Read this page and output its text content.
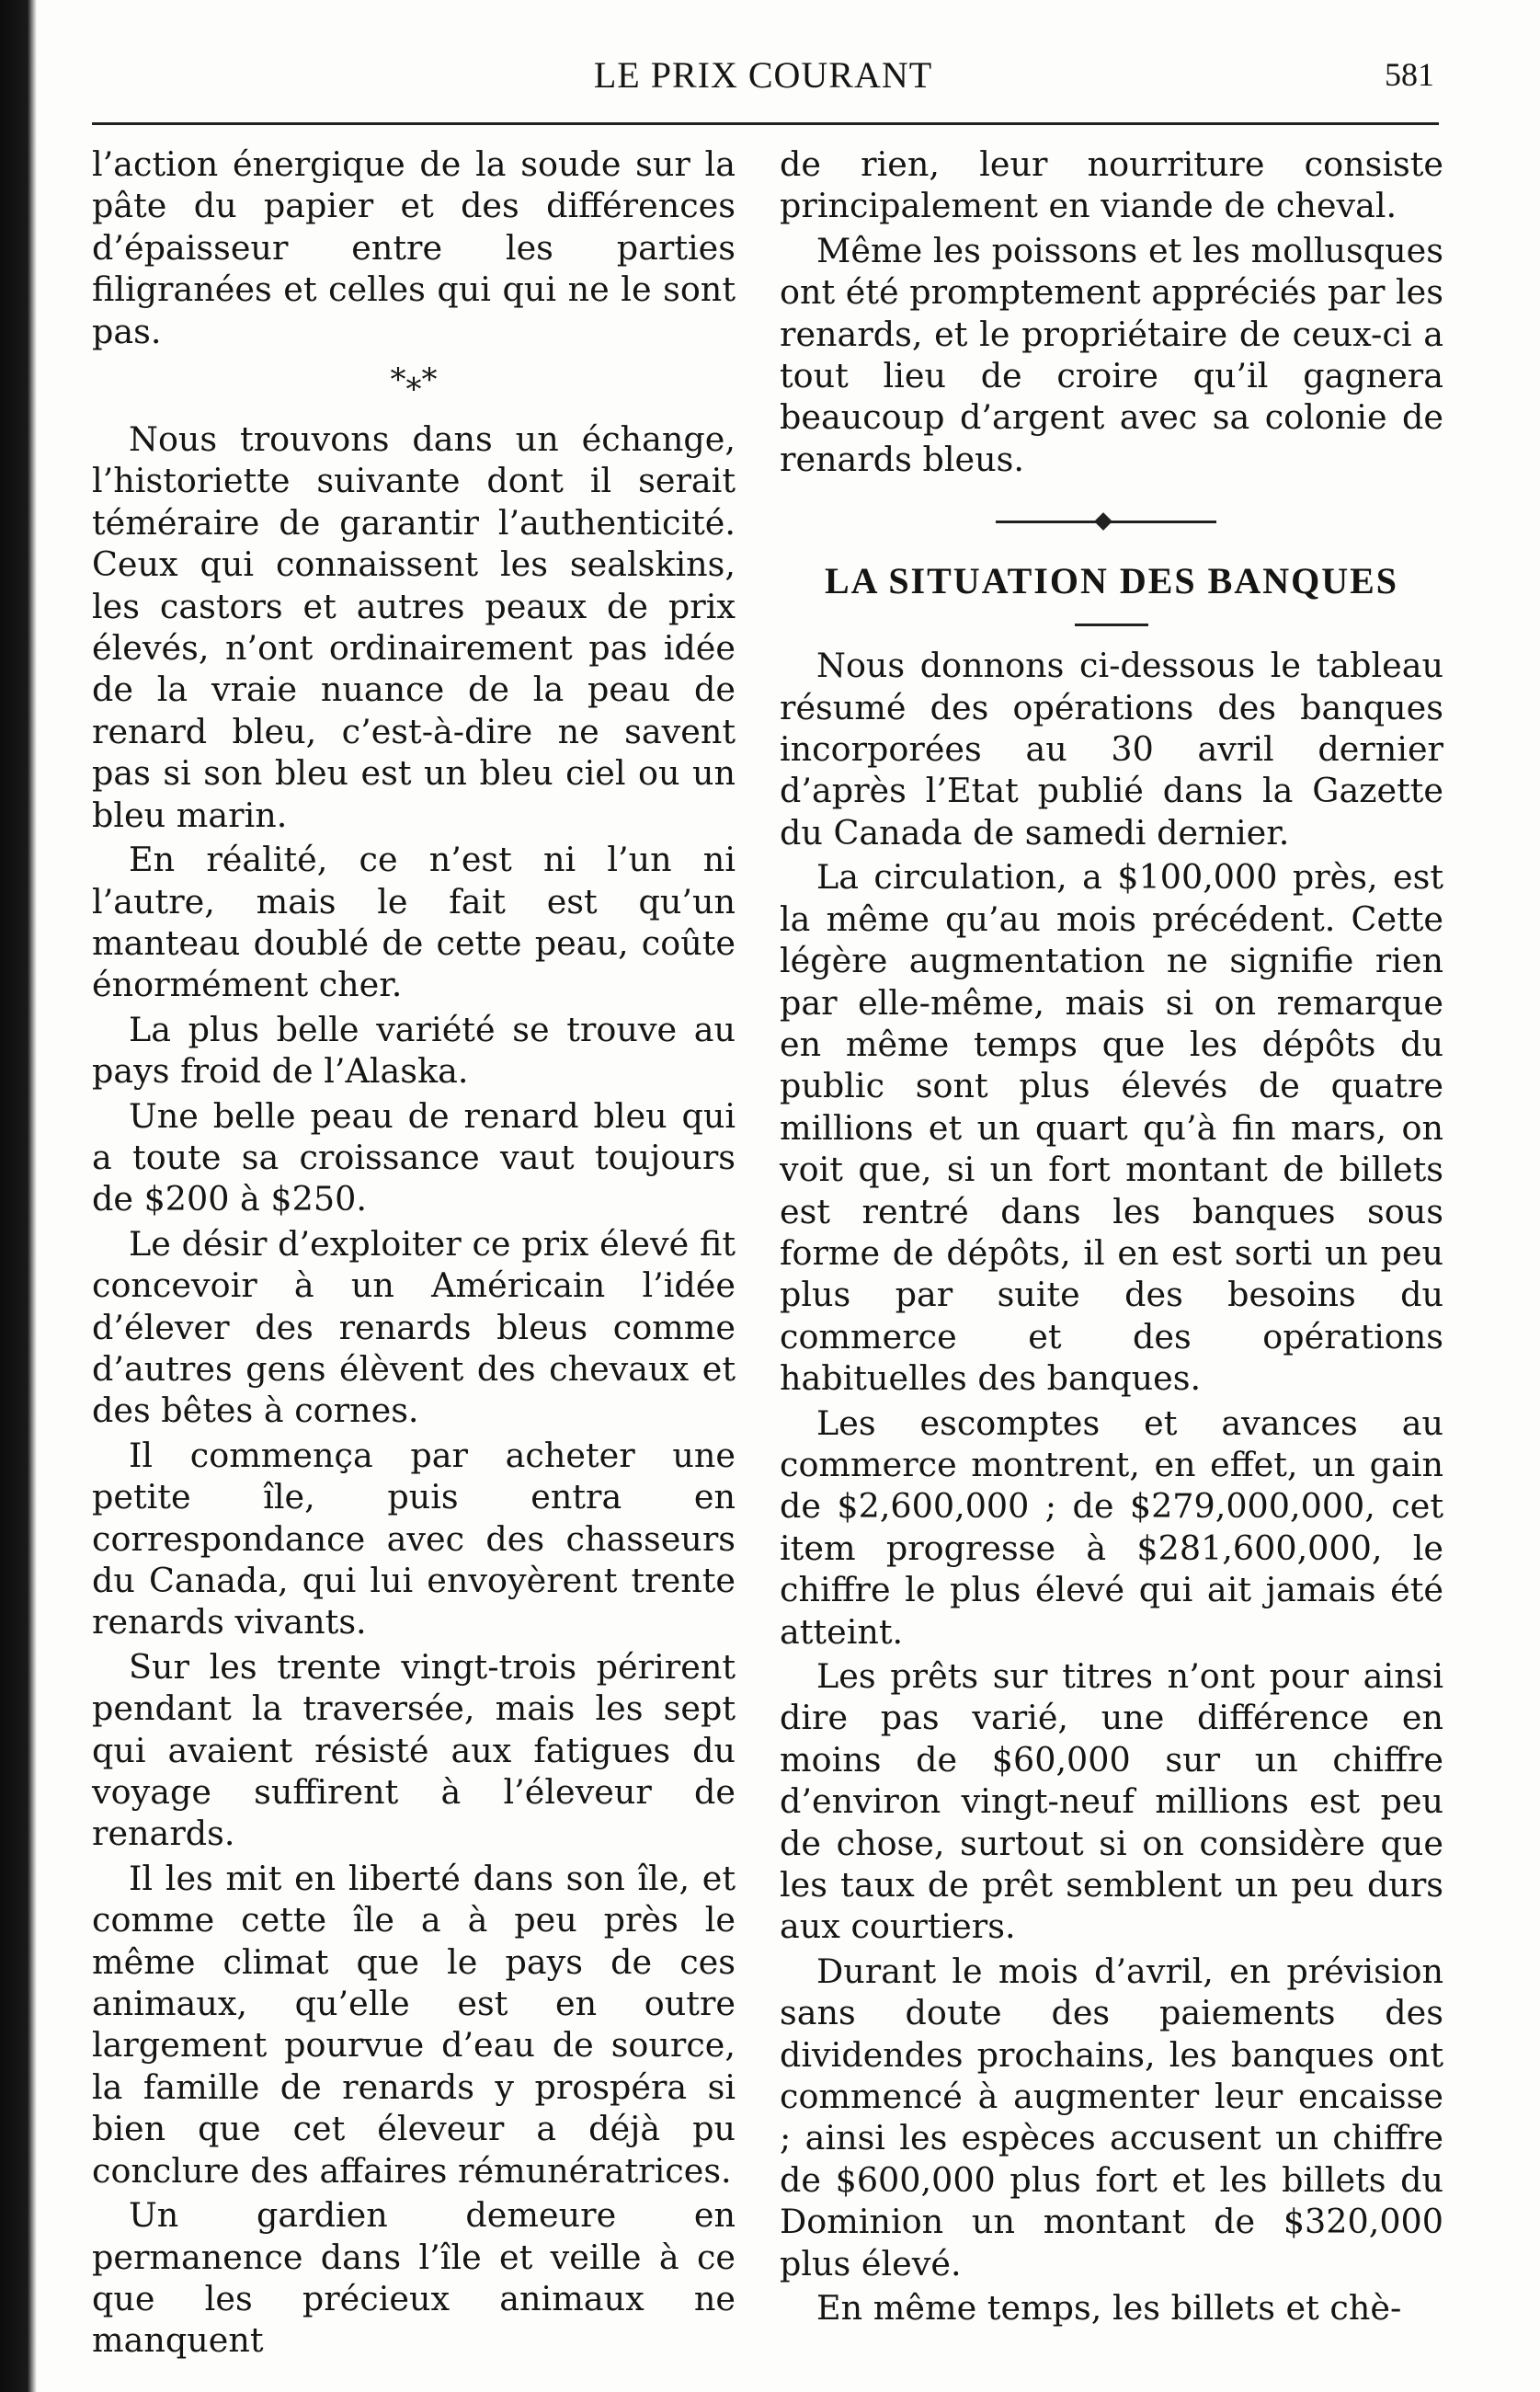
LE PRIX COURANT	581

l’action énergique de la soude sur la pâte du papier et des différences d’épaisseur entre les parties filigranées et celles qui qui ne le sont pas.

*⁎*

Nous trouvons dans un échange, l’historiette suivante dont il serait téméraire de garantir l’authenticité. Ceux qui connaissent les sealskins, les castors et autres peaux de prix élevés, n’ont ordinairement pas idée de la vraie nuance de la peau de renard bleu, c’est-à-dire ne savent pas si son bleu est un bleu ciel ou un bleu marin.

En réalité, ce n’est ni l’un ni l’autre, mais le fait est qu’un manteau doublé de cette peau, coûte énormément cher.

La plus belle variété se trouve au pays froid de l’Alaska.

Une belle peau de renard bleu qui a toute sa croissance vaut toujours de $200 à $250.

Le désir d’exploiter ce prix élevé fit concevoir à un Américain l’idée d’élever des renards bleus comme d’autres gens élèvent des chevaux et des bêtes à cornes.

Il commença par acheter une petite île, puis entra en correspondance avec des chasseurs du Canada, qui lui envoyèrent trente renards vivants.

Sur les trente vingt-trois périrent pendant la traversée, mais les sept qui avaient résisté aux fatigues du voyage suffirent à l’éleveur de renards.

Il les mit en liberté dans son île, et comme cette île a à peu près le même climat que le pays de ces animaux, qu’elle est en outre largement pourvue d’eau de source, la famille de renards y prospéra si bien que cet éleveur a déjà pu conclure des affaires rémunératrices.

Un gardien demeure en permanence dans l’île et veille à ce que les précieux animaux ne manquent

de rien, leur nourriture consiste principalement en viande de cheval.

Même les poissons et les mollusques ont été promptement appréciés par les renards, et le propriétaire de ceux-ci a tout lieu de croire qu’il gagnera beaucoup d’argent avec sa colonie de renards bleus.

LA SITUATION DES BANQUES

Nous donnons ci-dessous le tableau résumé des opérations des banques incorporées au 30 avril dernier d’après l’Etat publié dans la Gazette du Canada de samedi dernier.

La circulation, a $100,000 près, est la même qu’au mois précédent. Cette légère augmentation ne signifie rien par elle-même, mais si on remarque en même temps que les dépôts du public sont plus élevés de quatre millions et un quart qu’à fin mars, on voit que, si un fort montant de billets est rentré dans les banques sous forme de dépôts, il en est sorti un peu plus par suite des besoins du commerce et des opérations habituelles des banques.

Les escomptes et avances au commerce montrent, en effet, un gain de $2,600,000 ; de $279,000,000, cet item progresse à $281,600,000, le chiffre le plus élevé qui ait jamais été atteint.

Les prêts sur titres n’ont pour ainsi dire pas varié, une différence en moins de $60,000 sur un chiffre d’environ vingt-neuf millions est peu de chose, surtout si on considère que les taux de prêt semblent un peu durs aux courtiers.

Durant le mois d’avril, en prévision sans doute des paiements des dividendes prochains, les banques ont commencé à augmenter leur encaisse ; ainsi les espèces accusent un chiffre de $600,000 plus fort et les billets du Dominion un montant de $320,000 plus élevé.

En même temps, les billets et chè-
